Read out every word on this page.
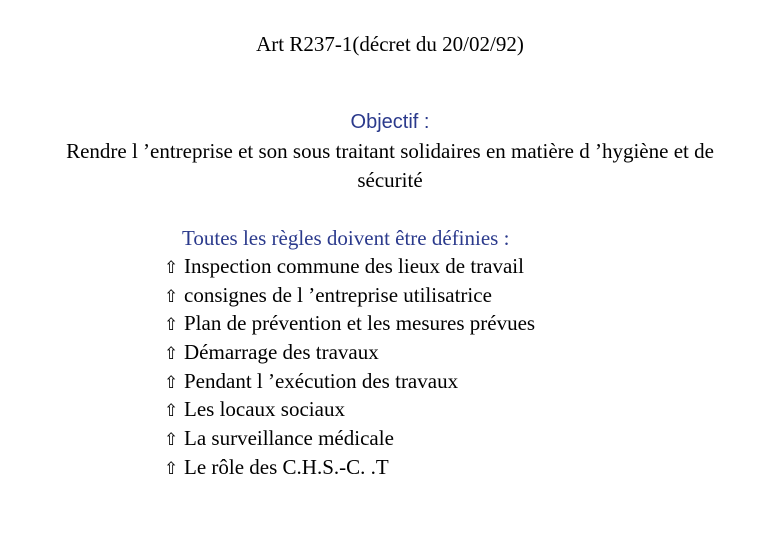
Art R237-1(décret du 20/02/92)
Objectif :
Rendre l ’entreprise et son sous traitant solidaires en matière d ’hygiène et de sécurité
Toutes les règles doivent être définies :
⇧ Inspection commune des lieux de travail
⇧ consignes de l ’entreprise utilisatrice
⇧ Plan de prévention et les mesures prévues
⇧ Démarrage des travaux
⇧ Pendant l ’exécution des travaux
⇧ Les locaux sociaux
⇧ La surveillance médicale
⇧ Le rôle des C.H.S.-C. .T
